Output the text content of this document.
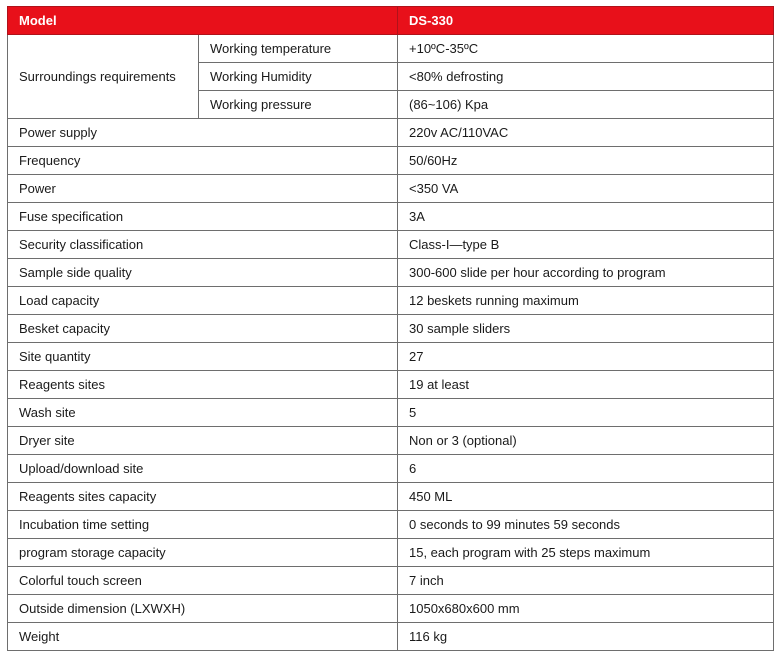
Model		DS-330
Surroundings requirements	Working temperature	+10ºC-35ºC
	Working Humidity	<80% defrosting
	Working pressure	(86~106) Kpa
Power supply		220v AC/110VAC
Frequency		50/60Hz
Power		<350 VA
Fuse specification		3A
Security classification		Class-I—type B
Sample side quality		300-600 slide per hour according to program
Load capacity		12 beskets running maximum
Besket capacity		30 sample sliders
Site quantity		27
Reagents sites		19 at least
Wash site		5
Dryer site		Non or 3 (optional)
Upload/download site		6
Reagents sites capacity		450 ML
Incubation time setting		0 seconds to 99 minutes 59 seconds
program storage capacity		15, each program with 25 steps maximum
Colorful touch screen		7 inch
Outside dimension (LXWXH)		1050x680x600 mm
Weight		116 kg
